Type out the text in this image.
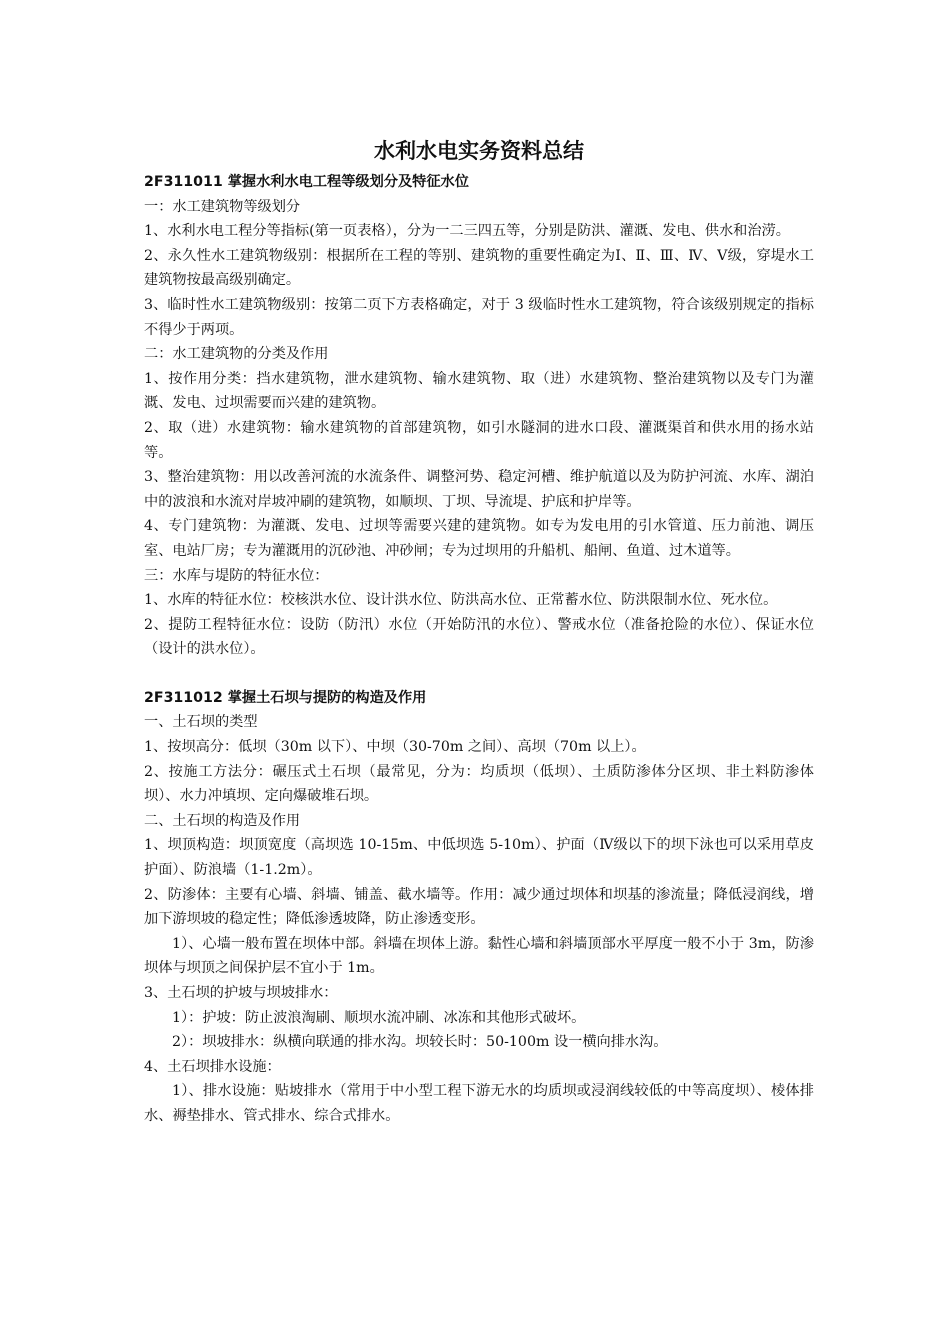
水利水电实务资料总结
2F311011 掌握水利水电工程等级划分及特征水位

一：水工建筑物等级划分

1、水利水电工程分等指标(第一页表格），分为一二三四五等，分别是防洪、灌溉、发电、供水和治涝。

2、永久性水工建筑物级别：根据所在工程的等别、建筑物的重要性确定为Ⅰ、Ⅱ、Ⅲ、Ⅳ、Ⅴ级，穿堤水工建筑物按最高级别确定。

3、临时性水工建筑物级别：按第二页下方表格确定，对于 3 级临时性水工建筑物，符合该级别规定的指标不得少于两项。

二：水工建筑物的分类及作用

1、按作用分类：挡水建筑物，泄水建筑物、输水建筑物、取（进）水建筑物、整治建筑物以及专门为灌溉、发电、过坝需要而兴建的建筑物。

2、取（进）水建筑物：输水建筑物的首部建筑物，如引水隧洞的进水口段、灌溉渠首和供水用的扬水站等。

3、整治建筑物：用以改善河流的水流条件、调整河势、稳定河槽、维护航道以及为防护河流、水库、湖泊中的波浪和水流对岸坡冲刷的建筑物，如顺坝、丁坝、导流堤、护底和护岸等。

4、专门建筑物：为灌溉、发电、过坝等需要兴建的建筑物。如专为发电用的引水管道、压力前池、调压室、电站厂房；专为灌溉用的沉砂池、冲砂闸；专为过坝用的升船机、船闸、鱼道、过木道等。

三：水库与堤防的特征水位：

1、水库的特征水位：校核洪水位、设计洪水位、防洪高水位、正常蓄水位、防洪限制水位、死水位。

2、提防工程特征水位：设防（防汛）水位（开始防汛的水位）、警戒水位（准备抢险的水位）、保证水位（设计的洪水位）。

2F311012 掌握土石坝与提防的构造及作用

一、土石坝的类型

1、按坝高分：低坝（30m 以下）、中坝（30-70m 之间）、高坝（70m 以上）。

2、按施工方法分：碾压式土石坝（最常见，分为：均质坝（低坝）、土质防渗体分区坝、非土料防渗体坝）、水力冲填坝、定向爆破堆石坝。

二、土石坝的构造及作用

1、坝顶构造：坝顶宽度（高坝选 10-15m、中低坝选 5-10m）、护面（Ⅳ级以下的坝下泳也可以采用草皮护面）、防浪墙（1-1.2m）。

2、防渗体：主要有心墙、斜墙、铺盖、截水墙等。作用：减少通过坝体和坝基的渗流量；降低浸润线，增加下游坝坡的稳定性；降低渗透坡降，防止渗透变形。

1）、心墙一般布置在坝体中部。斜墙在坝体上游。黏性心墙和斜墙顶部水平厚度一般不小于 3m，防渗坝体与坝顶之间保护层不宜小于 1m。

3、土石坝的护坡与坝坡排水：

1）：护坡：防止波浪淘刷、顺坝水流冲刷、冰冻和其他形式破坏。

2）：坝坡排水：纵横向联通的排水沟。坝较长时：50-100m 设一横向排水沟。

4、土石坝排水设施：

1）、排水设施：贴坡排水（常用于中小型工程下游无水的均质坝或浸润线较低的中等高度坝）、棱体排水、褥垫排水、管式排水、综合式排水。
